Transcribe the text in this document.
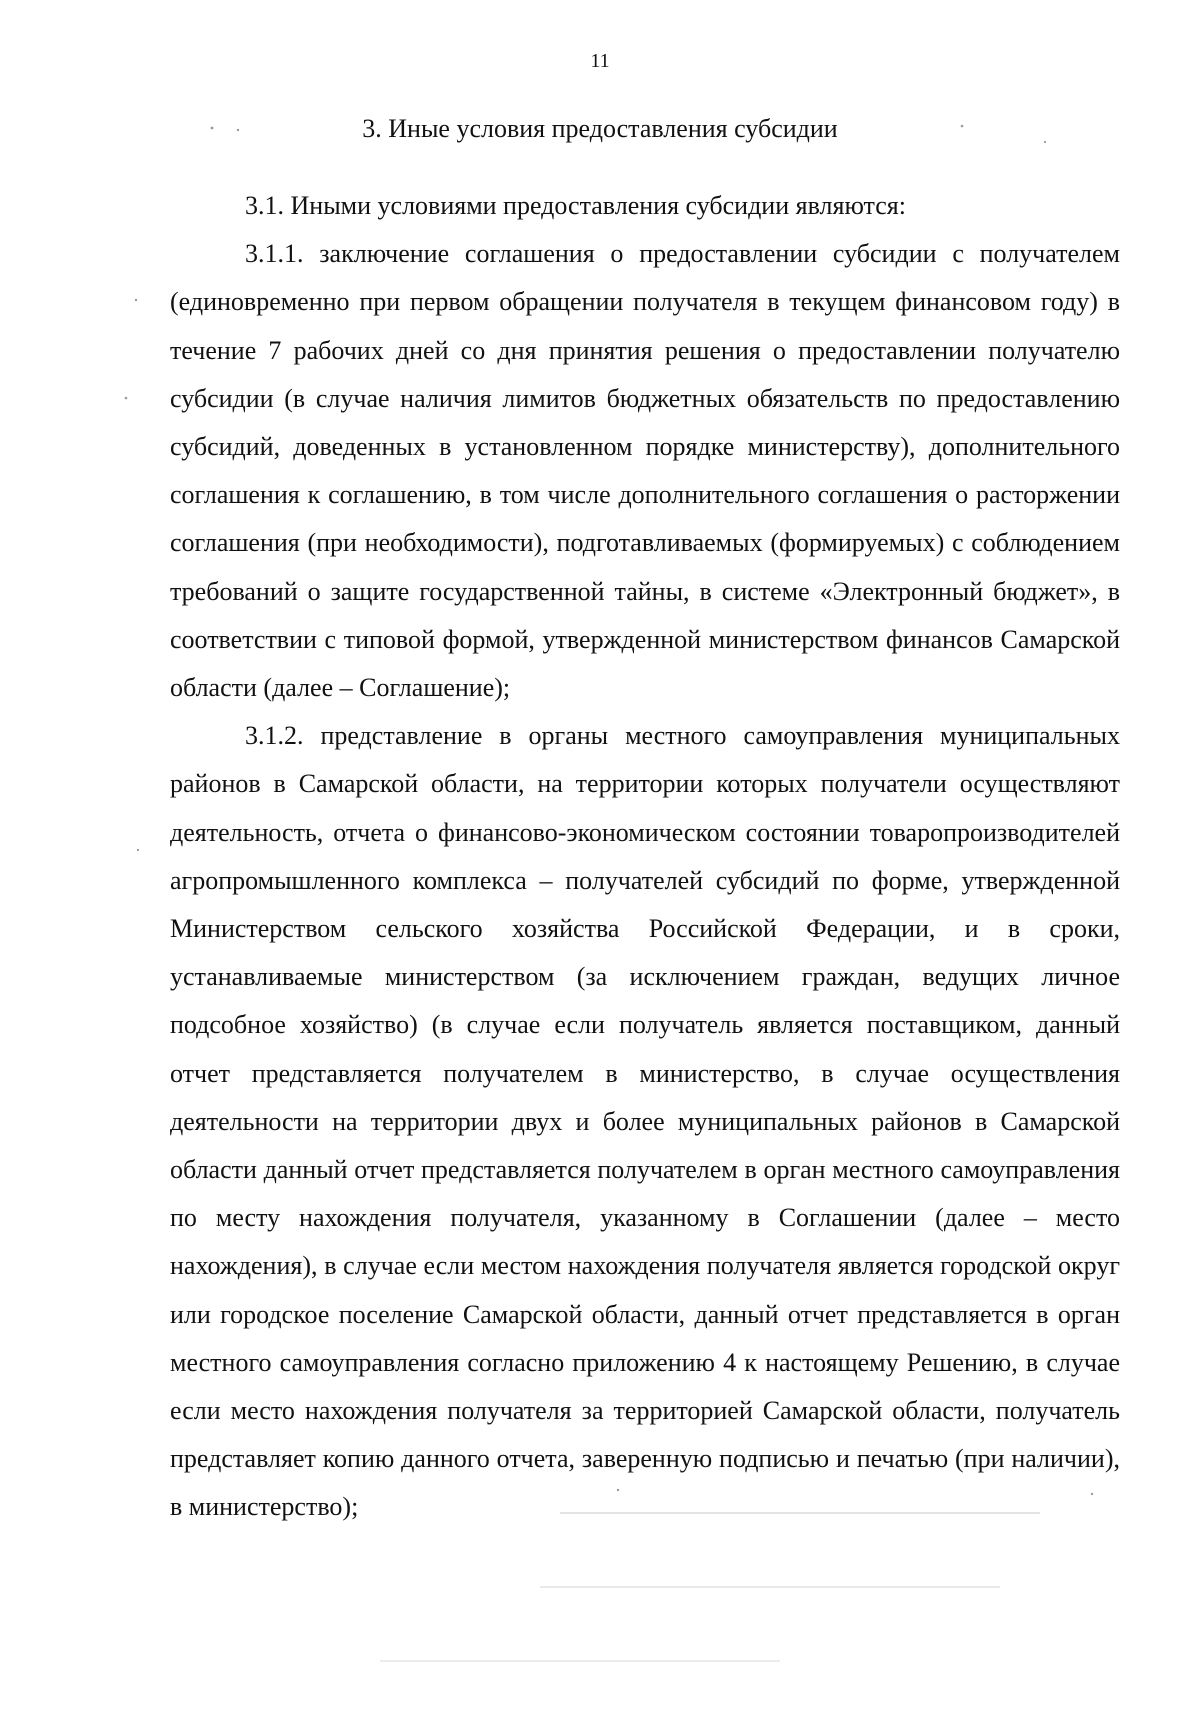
11
3. Иные условия предоставления субсидии

3.1. Иными условиями предоставления субсидии являются:

3.1.1. заключение соглашения о предоставлении субсидии с получателем (единовременно при первом обращении получателя в текущем финансовом году) в течение 7 рабочих дней со дня принятия решения о предоставлении получателю субсидии (в случае наличия лимитов бюджетных обязательств по предоставлению субсидий, доведенных в установленном порядке министерству), дополнительного соглашения к соглашению, в том числе дополнительного соглашения о расторжении соглашения (при необходимости), подготавливаемых (формируемых) с соблюдением требований о защите государственной тайны, в системе «Электронный бюджет», в соответствии с типовой формой, утвержденной министерством финансов Самарской области (далее – Соглашение);

3.1.2. представление в органы местного самоуправления муниципальных районов в Самарской области, на территории которых получатели осуществляют деятельность, отчета о финансово-экономическом состоянии товаропроизводителей агропромышленного комплекса – получателей субсидий по форме, утвержденной Министерством сельского хозяйства Российской Федерации, и в сроки, устанавливаемые министерством (за исключением граждан, ведущих личное подсобное хозяйство) (в случае если получатель является поставщиком, данный отчет представляется получателем в министерство, в случае осуществления деятельности на территории двух и более муниципальных районов в Самарской области данный отчет представляется получателем в орган местного самоуправления по месту нахождения получателя, указанному в Соглашении (далее – место нахождения), в случае если местом нахождения получателя является городской округ или городское поселение Самарской области, данный отчет представляется в орган местного самоуправления согласно приложению 4 к настоящему Решению, в случае если место нахождения получателя за территорией Самарской области, получатель представляет копию данного отчета, заверенную подписью и печатью (при наличии), в министерство);
